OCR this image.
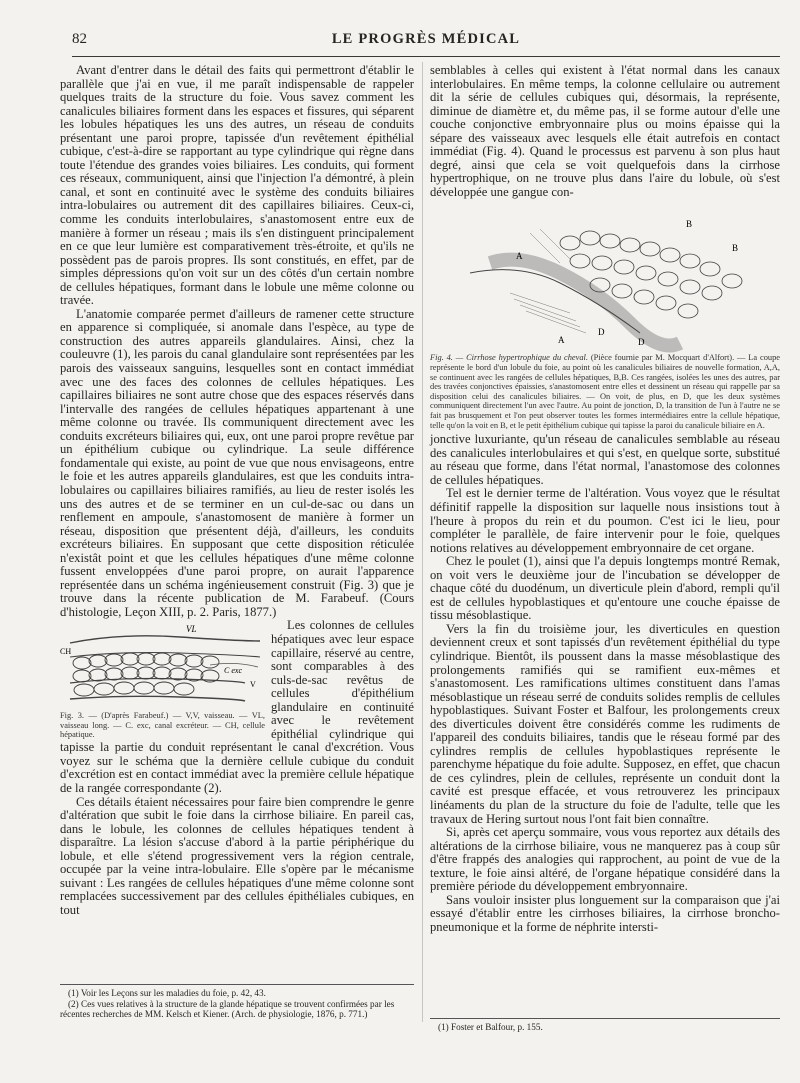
82	LE PROGRÈS MÉDICAL

Avant d'entrer dans le détail des faits qui permettront d'établir le parallèle que j'ai en vue, il me paraît indispensable de rappeler quelques traits de la structure du foie. Vous savez comment les canalicules biliaires forment dans les espaces et fissures, qui séparent les lobules hépatiques les uns des autres, un réseau de conduits présentant une paroi propre, tapissée d'un revêtement épithélial cubique, c'est-à-dire se rapportant au type cylindrique qui règne dans toute l'étendue des grandes voies biliaires. Les conduits, qui forment ces réseaux, communiquent, ainsi que l'injection l'a démontré, à plein canal, et sont en continuité avec le système des conduits biliaires intra-lobulaires ou autrement dit des capillaires biliaires. Ceux-ci, comme les conduits interlobulaires, s'anastomosent entre eux de manière à former un réseau ; mais ils s'en distinguent principalement en ce que leur lumière est comparativement très-étroite, et qu'ils ne possèdent pas de parois propres. Ils sont constitués, en effet, par de simples dépressions qu'on voit sur un des côtés d'un certain nombre de cellules hépatiques, formant dans le lobule une même colonne ou travée.

L'anatomie comparée permet d'ailleurs de ramener cette structure en apparence si compliquée, si anomale dans l'espèce, au type de construction des autres appareils glandulaires. Ainsi, chez la couleuvre (1), les parois du canal glandulaire sont représentées par les parois des vaisseaux sanguins, lesquelles sont en contact immédiat avec une des faces des colonnes de cellules hépatiques. Les capillaires biliaires ne sont autre chose que des espaces réservés dans l'intervalle des rangées de cellules hépatiques appartenant à une même colonne ou travée. Ils communiquent directement avec les conduits excréteurs biliaires qui, eux, ont une paroi propre revêtue par un épithélium cubique ou cylindrique. La seule différence fondamentale qui existe, au point de vue que nous envisageons, entre le foie et les autres appareils glandulaires, est que les conduits intra-lobulaires ou capillaires biliaires ramifiés, au lieu de rester isolés les uns des autres et de se terminer en un cul-de-sac ou dans un renflement en ampoule, s'anastomosent de manière à former un réseau, disposition que présentent déjà, d'ailleurs, les conduits excréteurs biliaires. En supposant que cette disposition réticulée n'existât point et que les cellules hépatiques d'une même colonne fussent enveloppées d'une paroi propre, on aurait l'apparence représentée dans un schéma ingénieusement construit (Fig. 3) que je trouve dans la récente publication de M. Farabeuf. (Cours d'histologie, Leçon XIII, p. 2. Paris, 1877.)

VL
CH
C exc
V
Fig. 3. — (D'après Farabeuf.) — V,V, vaisseau. — VL, vaisseau long. — C. exc, canal excréteur. — CH, cellule hépatique.

Les colonnes de cellules hépatiques avec leur espace capillaire, réservé au centre, sont comparables à des culs-de-sac revêtus de cellules d'épithélium glandulaire en continuité avec le revêtement épithélial cylindrique qui tapisse la partie du conduit représentant le canal d'excrétion. Vous voyez sur le schéma que la dernière cellule cubique du conduit d'excrétion est en contact immédiat avec la première cellule hépatique de la rangée correspondante (2).

Ces détails étaient nécessaires pour faire bien comprendre le genre d'altération que subit le foie dans la cirrhose biliaire. En pareil cas, dans le lobule, les colonnes de cellules hépatiques tendent à disparaître. La lésion s'accuse d'abord à la partie périphérique du lobule, et elle s'étend progressivement vers la région centrale, occupée par la veine intra-lobulaire. Elle s'opère par le mécanisme suivant : Les rangées de cellules hépatiques d'une même colonne sont remplacées successivement par des cellules épithéliales cubiques, en tout

semblables à celles qui existent à l'état normal dans les canaux interlobulaires. En même temps, la colonne cellulaire ou autrement dit la série de cellules cubiques qui, désormais, la représente, diminue de diamètre et, du même pas, il se forme autour d'elle une couche conjonctive embryonnaire plus ou moins épaisse qui la sépare des vaisseaux avec lesquels elle était autrefois en contact immédiat (Fig. 4). Quand le processus est parvenu à son plus haut degré, ainsi que cela se voit quelquefois dans la cirrhose hypertrophique, on ne trouve plus dans l'aire du lobule, où s'est développée une gangue con-

A
A
B
B
D
D
Fig. 4. — Cirrhose hypertrophique du cheval. (Pièce fournie par M. Mocquart d'Alfort). — La coupe représente le bord d'un lobule du foie, au point où les canalicules biliaires de nouvelle formation, A,A, se continuent avec les rangées de cellules hépatiques, B,B. Ces rangées, isolées les unes des autres, par des travées conjonctives épaissies, s'anastomosent entre elles et dessinent un réseau qui rappelle par sa disposition celui des canalicules biliaires. — On voit, de plus, en D, que les deux systèmes communiquent directement l'un avec l'autre. Au point de jonction, D, la transition de l'un à l'autre ne se fait pas brusquement et l'on peut observer toutes les formes intermédiaires entre la cellule hépatique, telle qu'on la voit en B, et le petit épithélium cubique qui tapisse la paroi du canalicule biliaire en A.

jonctive luxuriante, qu'un réseau de canalicules semblable au réseau des canalicules interlobulaires et qui s'est, en quelque sorte, substitué au réseau que forme, dans l'état normal, l'anastomose des colonnes de cellules hépatiques.

Tel est le dernier terme de l'altération. Vous voyez que le résultat définitif rappelle la disposition sur laquelle nous insistions tout à l'heure à propos du rein et du poumon. C'est ici le lieu, pour compléter le parallèle, de faire intervenir pour le foie, quelques notions relatives au développement embryonnaire de cet organe.

Chez le poulet (1), ainsi que l'a depuis longtemps montré Remak, on voit vers le deuxième jour de l'incubation se développer de chaque côté du duodénum, un diverticule plein d'abord, rempli qu'il est de cellules hypoblastiques et qu'entoure une couche épaisse de tissu mésoblastique.

Vers la fin du troisième jour, les diverticules en question deviennent creux et sont tapissés d'un revêtement épithélial du type cylindrique. Bientôt, ils poussent dans la masse mésoblastique des prolongements ramifiés qui se ramifient eux-mêmes et s'anastomosent. Les ramifications ultimes constituent dans l'amas mésoblastique un réseau serré de conduits solides remplis de cellules hypoblastiques. Suivant Foster et Balfour, les prolongements creux des diverticules doivent être considérés comme les rudiments de l'appareil des conduits biliaires, tandis que le réseau formé par des cylindres remplis de cellules hypoblastiques représente le parenchyme hépatique du foie adulte. Supposez, en effet, que chacun de ces cylindres, plein de cellules, représente un conduit dont la cavité est presque effacée, et vous retrouverez les principaux linéaments du plan de la structure du foie de l'adulte, telle que les travaux de Hering surtout nous l'ont fait bien connaître.

Si, après cet aperçu sommaire, vous vous reportez aux détails des altérations de la cirrhose biliaire, vous ne manquerez pas à coup sûr d'être frappés des analogies qui rapprochent, au point de vue de la texture, le foie ainsi altéré, de l'organe hépatique considéré dans la première période du développement embryonnaire.

Sans vouloir insister plus longuement sur la comparaison que j'ai essayé d'établir entre les cirrhoses biliaires, la cirrhose broncho-pneumonique et la forme de néphrite intersti-

(1) Voir les Leçons sur les maladies du foie, p. 42, 43.

(2) Ces vues relatives à la structure de la glande hépatique se trouvent confirmées par les récentes recherches de MM. Kelsch et Kiener. (Arch. de physiologie, 1876, p. 771.)

(1) Foster et Balfour, p. 155.
